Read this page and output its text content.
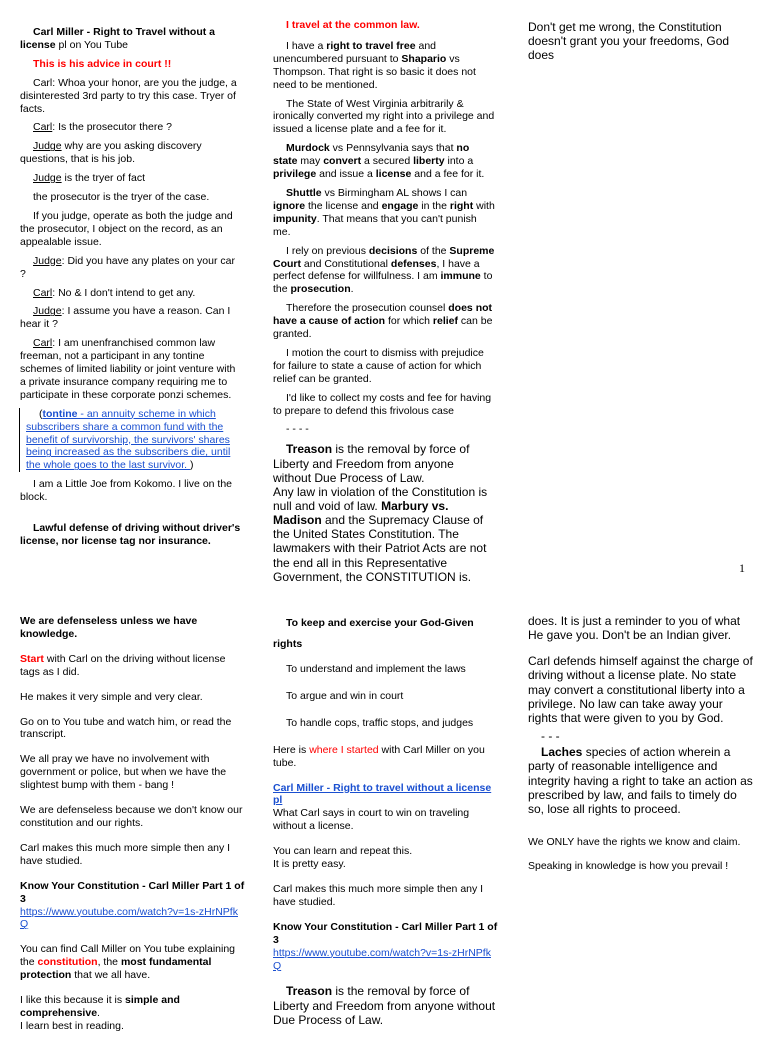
Carl Miller - Right to Travel without a license pl on You Tube

This is his advice in court !!

Carl: Whoa your honor, are you the judge, a disinterested 3rd party to try this case. Tryer of facts.

Carl: Is the prosecutor there ?

Judge why are you asking discovery questions, that is his job.

Judge is the tryer of fact

the prosecutor is the tryer of the case.

If you judge, operate as both the judge and the prosecutor, I object on the record, as an appealable issue.

Judge: Did you have any plates on your car ?

Carl: No & I don't intend to get any.

Judge: I assume you have a reason. Can I hear it ?

Carl: I am unenfranchised common law freeman, not a participant in any tontine schemes of limited liability or joint venture with a private insurance company requiring me to participate in these corporate ponzi schemes.

(tontine - an annuity scheme in which subscribers share a common fund with the benefit of survivorship, the survivors' shares being increased as the subscribers die, until the whole goes to the last survivor. )

I am a Little Joe from Kokomo. I live on the block.

Lawful defense of driving without driver's license, nor license tag nor insurance.

I travel at the common law.

I have a right to travel free and unencumbered pursuant to Shapario vs Thompson. That right is so basic it does not need to be mentioned.

The State of West Virginia arbitrarily & ironically converted my right into a privilege and issued a license plate and a fee for it.

Murdock vs Pennsylvania says that no state may convert a secured liberty into a privilege and issue a license and a fee for it.

Shuttle vs Birmingham AL shows I can ignore the license and engage in the right with impunity. That means that you can't punish me.

I rely on previous decisions of the Supreme Court and Constitutional defenses, I have a perfect defense for willfulness. I am immune to the prosecution.

Therefore the prosecution counsel does not have a cause of action for which relief can be granted.

I motion the court to dismiss with prejudice for failure to state a cause of action for which relief can be granted.

I'd like to collect my costs and fee for having to prepare to defend this frivolous case

- - - -

Treason is the removal by force of Liberty and Freedom from anyone without Due Process of Law.

Any law in violation of the Constitution is null and void of law. Marbury vs. Madison and the Supremacy Clause of the United States Constitution. The lawmakers with their Patriot Acts are not the end all in this Representative Government, the CONSTITUTION is.

Don't get me wrong, the Constitution doesn't grant you your freedoms, God does

1

We are defenseless unless we have knowledge.

Start with Carl on the driving without license tags as I did.

He makes it very simple and very clear.

Go on to You tube and watch him, or read the transcript.

We all pray we have no involvement with government or police, but when we have the slightest bump with them - bang !

We are defenseless because we don't know our constitution and our rights.

Carl makes this much more simple then any I have studied.

Know Your Constitution - Carl Miller Part 1 of 3
https://www.youtube.com/watch?v=1s-zHrNPfkQ

You can find Call Miller on You tube explaining the constitution, the most fundamental protection that we all have.

I like this because it is simple and comprehensive.

I learn best in reading.

To keep and exercise your God-Given rights

To understand and implement the laws

To argue and win in court

To handle cops, traffic stops, and judges

Here is where I started with Carl Miller on you tube.

Carl Miller - Right to travel without a license pl
What Carl says in court to win on traveling without a license.

You can learn and repeat this.
It is pretty easy.

Carl makes this much more simple then any I have studied.

Know Your Constitution - Carl Miller Part 1 of 3
https://www.youtube.com/watch?v=1s-zHrNPfkQ

Treason is the removal by force of Liberty and Freedom from anyone without Due Process of Law.

does. It is just a reminder to you of what He gave you. Don't be an Indian giver.

Carl defends himself against the charge of driving without a license plate. No state may convert a constitutional liberty into a privilege. No law can take away your rights that were given to you by God.

- - -

Laches species of action wherein a party of reasonable intelligence and integrity having a right to take an action as prescribed by law, and fails to timely do so, lose all rights to proceed.

We ONLY have the rights we know and claim.

Speaking in knowledge is how you prevail !
